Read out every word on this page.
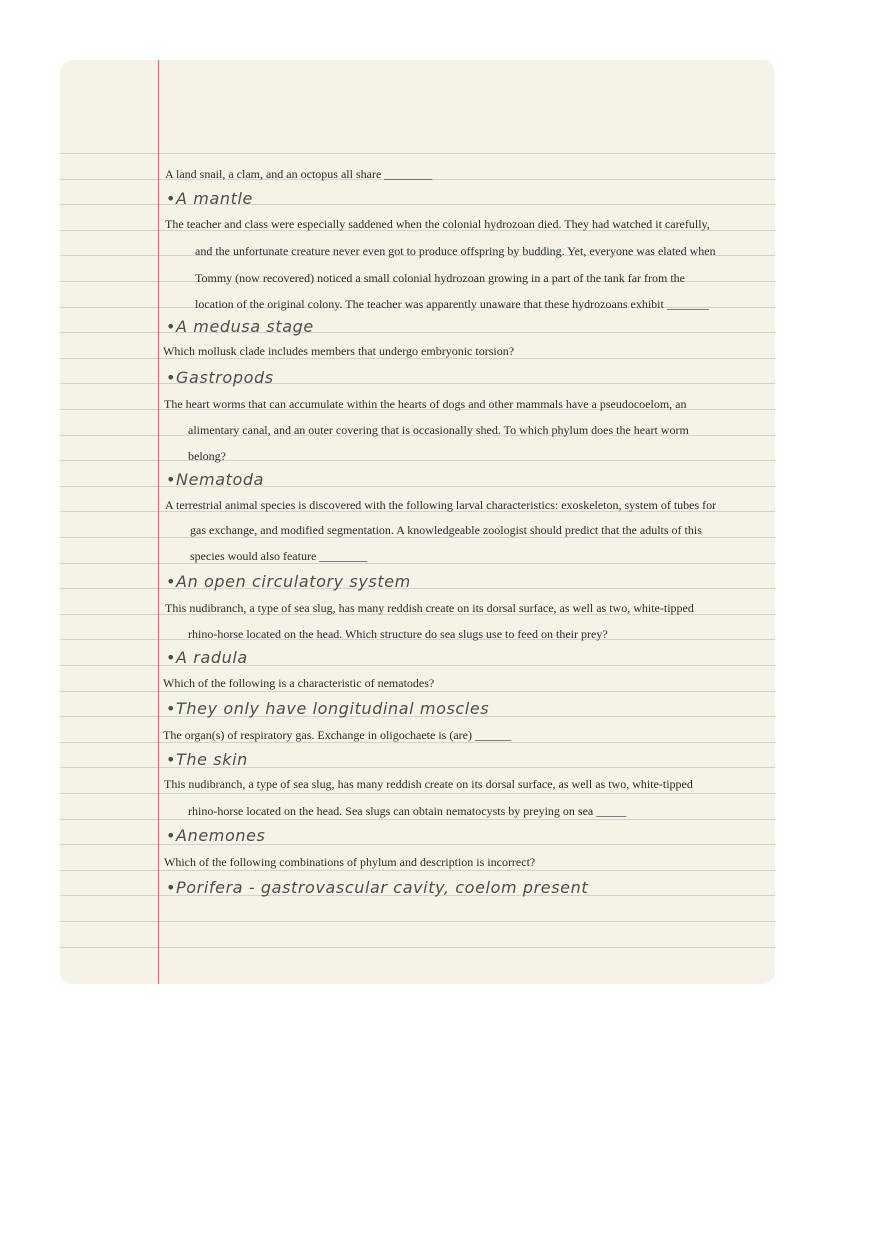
A land snail, a clam, and an octopus all share ________
•A mantle
The teacher and class were especially saddened when the colonial hydrozoan died. They had watched it carefully,
and the unfortunate creature never even got to produce offspring by budding. Yet, everyone was elated when
Tommy (now recovered) noticed a small colonial hydrozoan growing in a part of the tank far from the
location of the original colony. The teacher was apparently unaware that these hydrozoans exhibit _______
•A medusa stage
Which mollusk clade includes members that undergo embryonic torsion?
•Gastropods
The heart worms that can accumulate within the hearts of dogs and other mammals have a pseudocoelom, an
alimentary canal, and an outer covering that is occasionally shed. To which phylum does the heart worm
belong?
•Nematoda
A terrestrial animal species is discovered with the following larval characteristics: exoskeleton, system of tubes for
gas exchange, and modified segmentation. A knowledgeable zoologist should predict that the adults of this
species would also feature ________
•An open circulatory system
This nudibranch, a type of sea slug, has many reddish create on its dorsal surface, as well as two, white-tipped
rhino-horse located on the head. Which structure do sea slugs use to feed on their prey?
•A radula
Which of the following is a characteristic of nematodes?
•They only have longitudinal moscles
The organ(s) of respiratory gas. Exchange in oligochaete is (are) ______
•The skin
This nudibranch, a type of sea slug, has many reddish create on its dorsal surface, as well as two, white-tipped
rhino-horse located on the head. Sea slugs can obtain nematocysts by preying on sea _____
•Anemones
Which of the following combinations of phylum and description is incorrect?
•Porifera - gastrovascular cavity, coelom present
